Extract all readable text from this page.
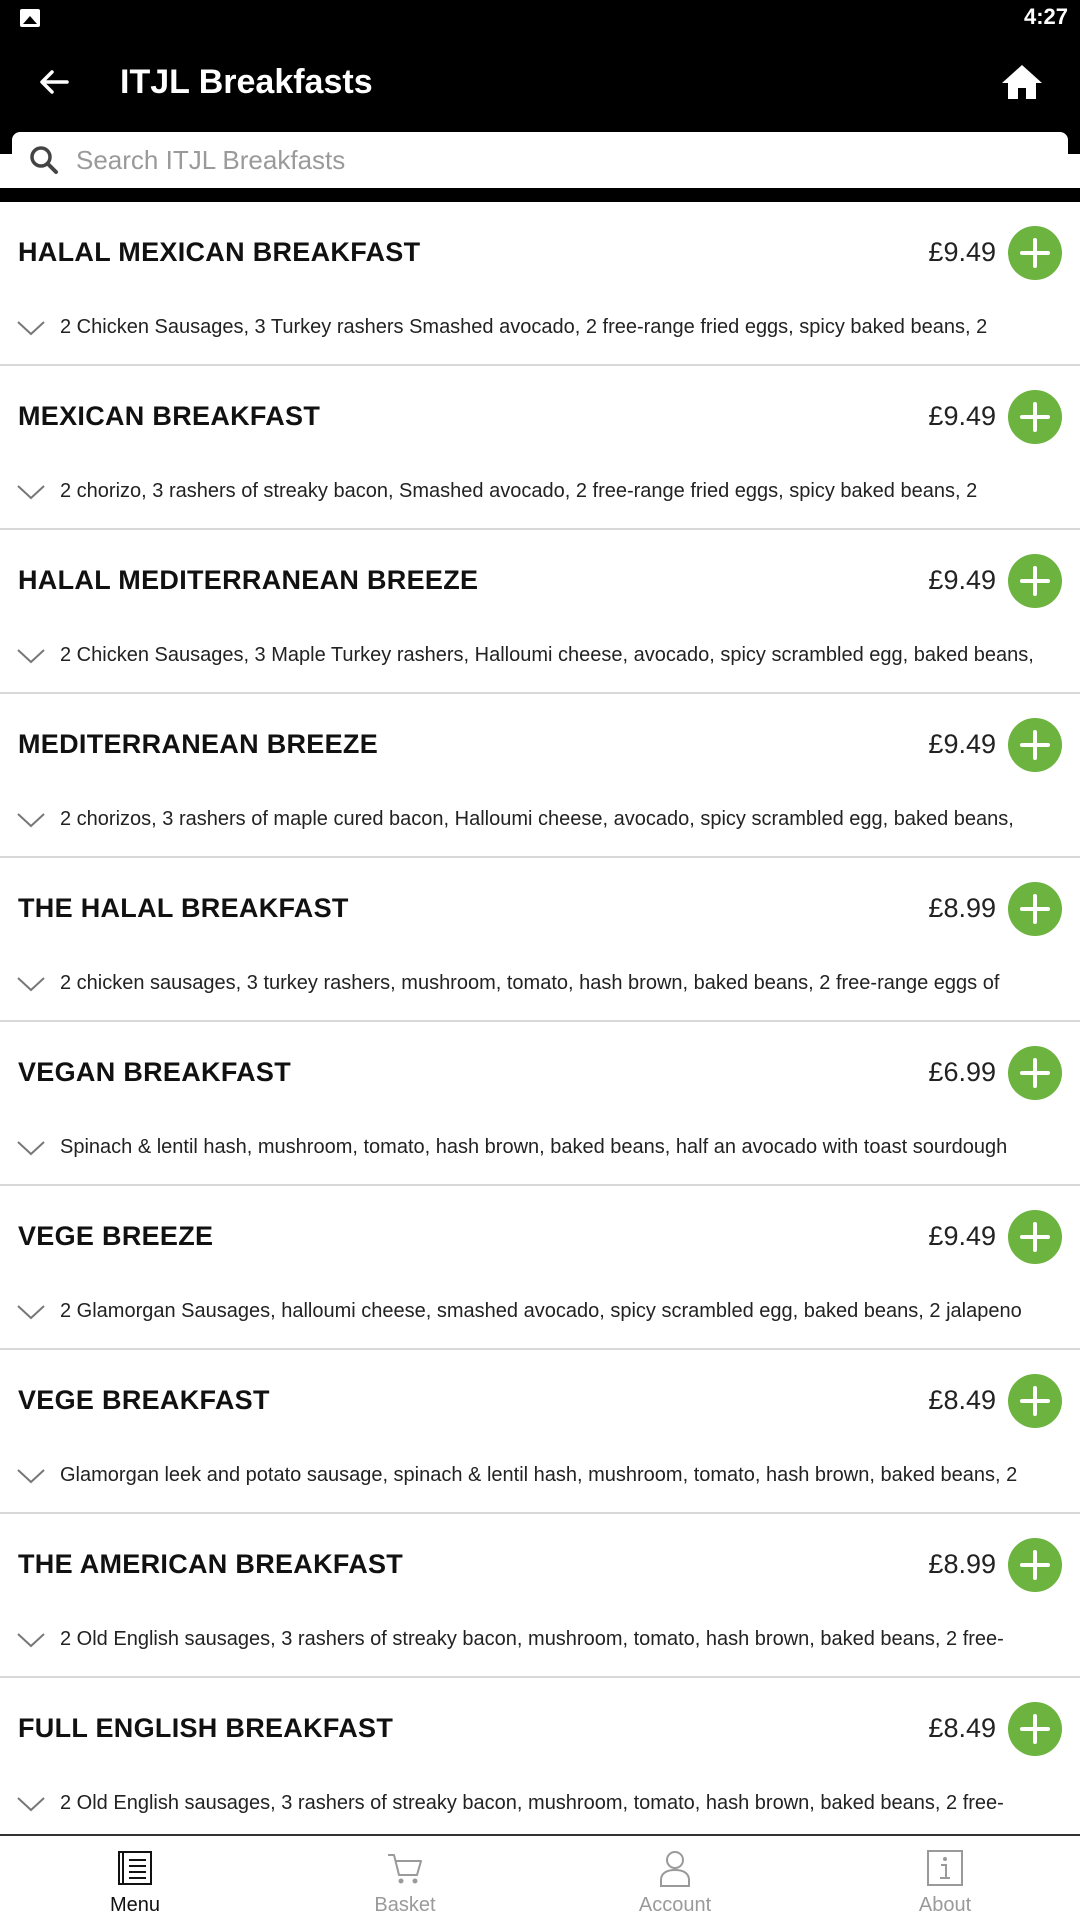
4:27
ITJL Breakfasts
Search ITJL Breakfasts
HALAL MEXICAN BREAKFAST	£9.49
2 Chicken Sausages, 3 Turkey rashers Smashed avocado, 2 free-range fried eggs, spicy baked beans, 2
MEXICAN BREAKFAST	£9.49
2 chorizo, 3 rashers of streaky bacon, Smashed avocado, 2 free-range fried eggs, spicy baked beans, 2
HALAL MEDITERRANEAN BREEZE	£9.49
2 Chicken Sausages, 3 Maple Turkey rashers, Halloumi cheese, avocado, spicy scrambled egg, baked beans,
MEDITERRANEAN BREEZE	£9.49
2 chorizos, 3 rashers of maple cured bacon, Halloumi cheese, avocado, spicy scrambled egg, baked beans,
THE HALAL BREAKFAST	£8.99
2 chicken sausages, 3 turkey rashers, mushroom, tomato, hash brown, baked beans, 2 free-range eggs of
VEGAN BREAKFAST	£6.99
Spinach & lentil hash, mushroom, tomato, hash brown, baked beans, half an avocado with toast sourdough
VEGE BREEZE	£9.49
2 Glamorgan Sausages, halloumi cheese, smashed avocado, spicy scrambled egg, baked beans, 2 jalapeno
VEGE BREAKFAST	£8.49
Glamorgan leek and potato sausage, spinach & lentil hash, mushroom, tomato, hash brown, baked beans, 2
THE AMERICAN BREAKFAST	£8.99
2 Old English sausages, 3 rashers of streaky bacon, mushroom, tomato, hash brown, baked beans, 2 free-
FULL ENGLISH BREAKFAST	£8.49
2 Old English sausages, 3 rashers of streaky bacon, mushroom, tomato, hash brown, baked beans, 2 free-
Menu	Basket	Account	About
